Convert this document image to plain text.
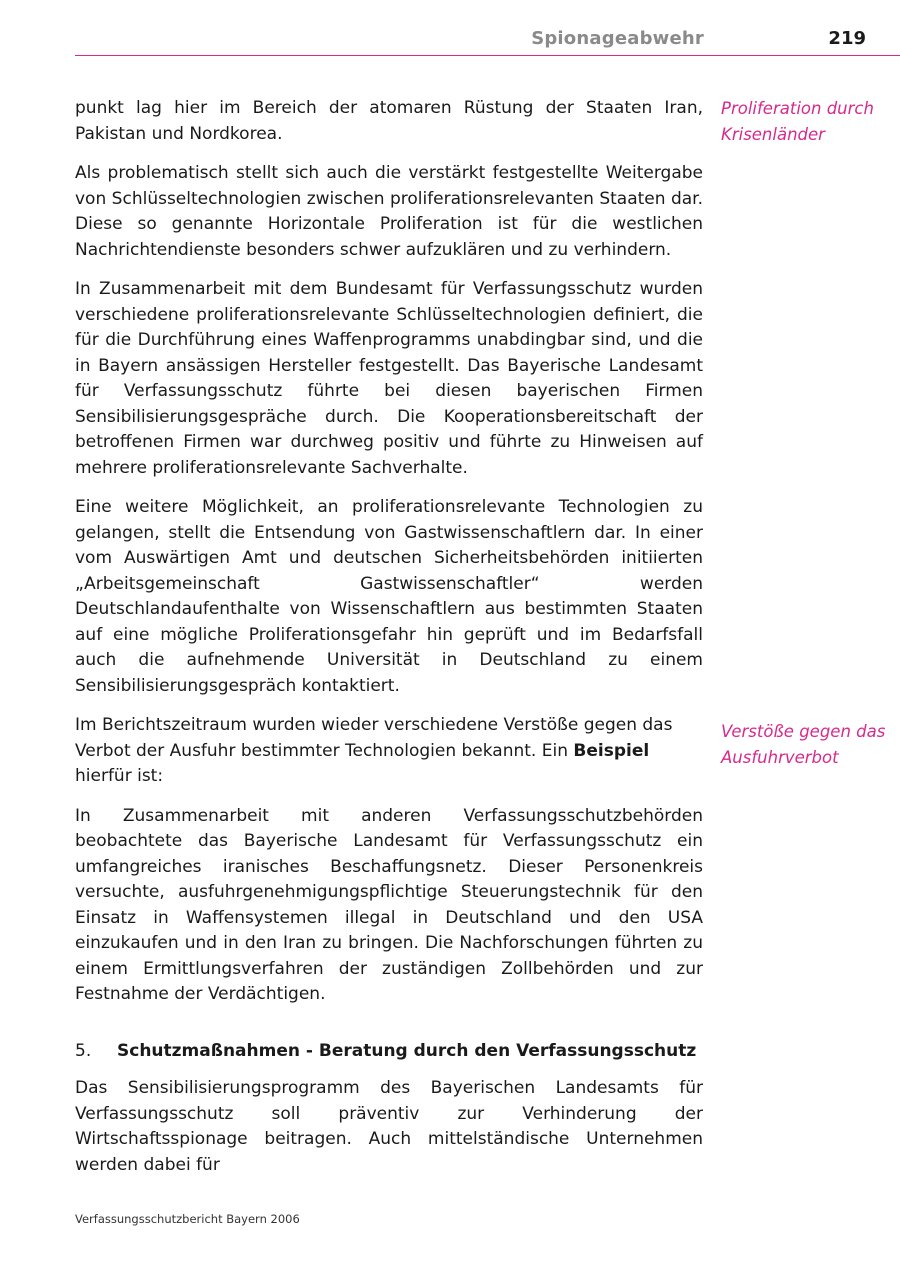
Spionageabwehr	219
Proliferation durch Krisenländer
Verstöße gegen das Ausfuhrverbot

punkt lag hier im Bereich der atomaren Rüstung der Staaten Iran, Pakistan und Nordkorea.

Als problematisch stellt sich auch die verstärkt festgestellte Weitergabe von Schlüsseltechnologien zwischen proliferationsrelevanten Staaten dar. Diese so genannte Horizontale Proliferation ist für die westlichen Nachrichtendienste besonders schwer aufzuklären und zu verhindern.

In Zusammenarbeit mit dem Bundesamt für Verfassungsschutz wurden verschiedene proliferationsrelevante Schlüsseltechnologien definiert, die für die Durchführung eines Waffenprogramms unabdingbar sind, und die in Bayern ansässigen Hersteller festgestellt. Das Bayerische Landesamt für Verfassungsschutz führte bei diesen bayerischen Firmen Sensibilisierungsgespräche durch. Die Kooperationsbereitschaft der betroffenen Firmen war durchweg positiv und führte zu Hinweisen auf mehrere proliferationsrelevante Sachverhalte.

Eine weitere Möglichkeit, an proliferationsrelevante Technologien zu gelangen, stellt die Entsendung von Gastwissenschaftlern dar. In einer vom Auswärtigen Amt und deutschen Sicherheitsbehörden initiierten „Arbeitsgemeinschaft Gastwissenschaftler“ werden Deutschlandaufenthalte von Wissenschaftlern aus bestimmten Staaten auf eine mögliche Proliferationsgefahr hin geprüft und im Bedarfsfall auch die aufnehmende Universität in Deutschland zu einem Sensibilisierungsgespräch kontaktiert.

Im Berichtszeitraum wurden wieder verschiedene Verstöße gegen das Verbot der Ausfuhr bestimmter Technologien bekannt. Ein Beispiel hierfür ist:

In Zusammenarbeit mit anderen Verfassungsschutzbehörden beobachtete das Bayerische Landesamt für Verfassungsschutz ein umfangreiches iranisches Beschaffungsnetz. Dieser Personenkreis versuchte, ausfuhrgenehmigungspflichtige Steuerungstechnik für den Einsatz in Waffensystemen illegal in Deutschland und den USA einzukaufen und in den Iran zu bringen. Die Nachforschungen führten zu einem Ermittlungsverfahren der zuständigen Zollbehörden und zur Festnahme der Verdächtigen.

5.	Schutzmaßnahmen - Beratung durch den Verfassungsschutz

Das Sensibilisierungsprogramm des Bayerischen Landesamts für Verfassungsschutz soll präventiv zur Verhinderung der Wirtschaftsspionage beitragen. Auch mittelständische Unternehmen werden dabei für

Verfassungsschutzbericht Bayern 2006
